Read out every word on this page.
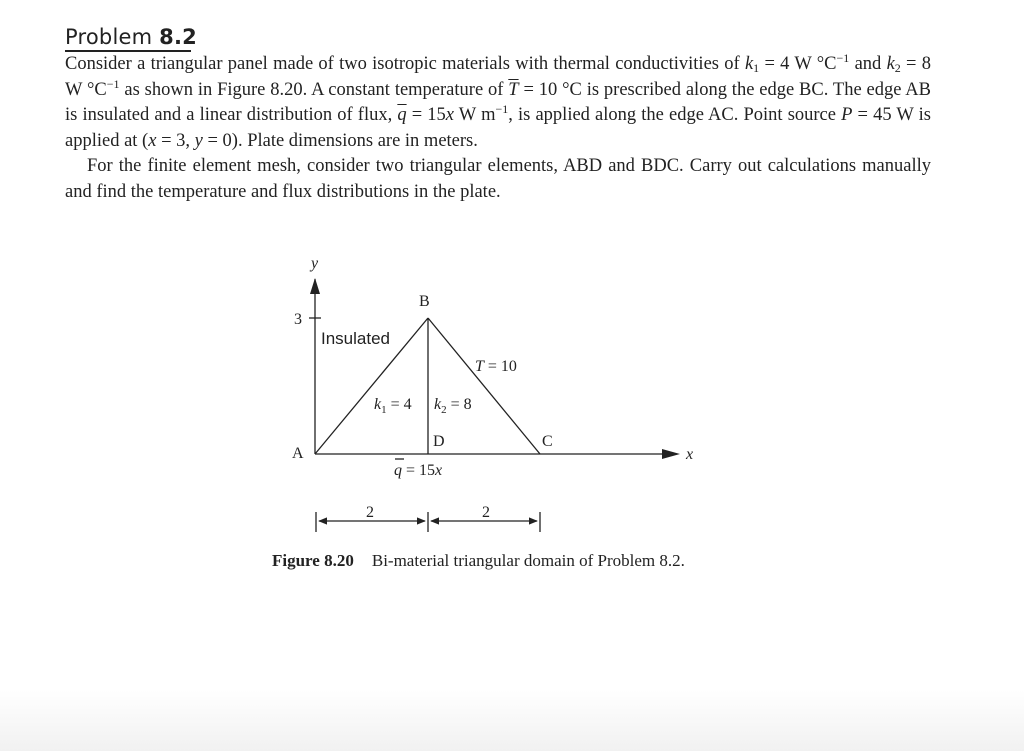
Problem 8.2
Consider a triangular panel made of two isotropic materials with thermal conductivities of $k_1 = 4$ W $^\circ C^{-1}$ and $k_2 = 8$ W $^\circ C^{-1}$ as shown in Figure 8.20. A constant temperature of $\overline{T} = 10$ °C is prescribed along the edge BC. The edge AB is insulated and a linear distribution of flux, $\overline{q} = 15x$ W $m^{-1}$, is applied along the edge AC. Point source P = 45 W is applied at (x = 3, y = 0). Plate dimensions are in meters.
For the finite element mesh, consider two triangular elements, ABD and BDC. Carry out calculations manually and find the temperature and flux distributions in the plate.
y
x
3
A
B
C
D
Insulated
T = 10
$k_1 = 4$ $k_2 = 8$
q = 15x
2	2
Figure 8.20 Bi-material triangular domain of Problem 8.2.
